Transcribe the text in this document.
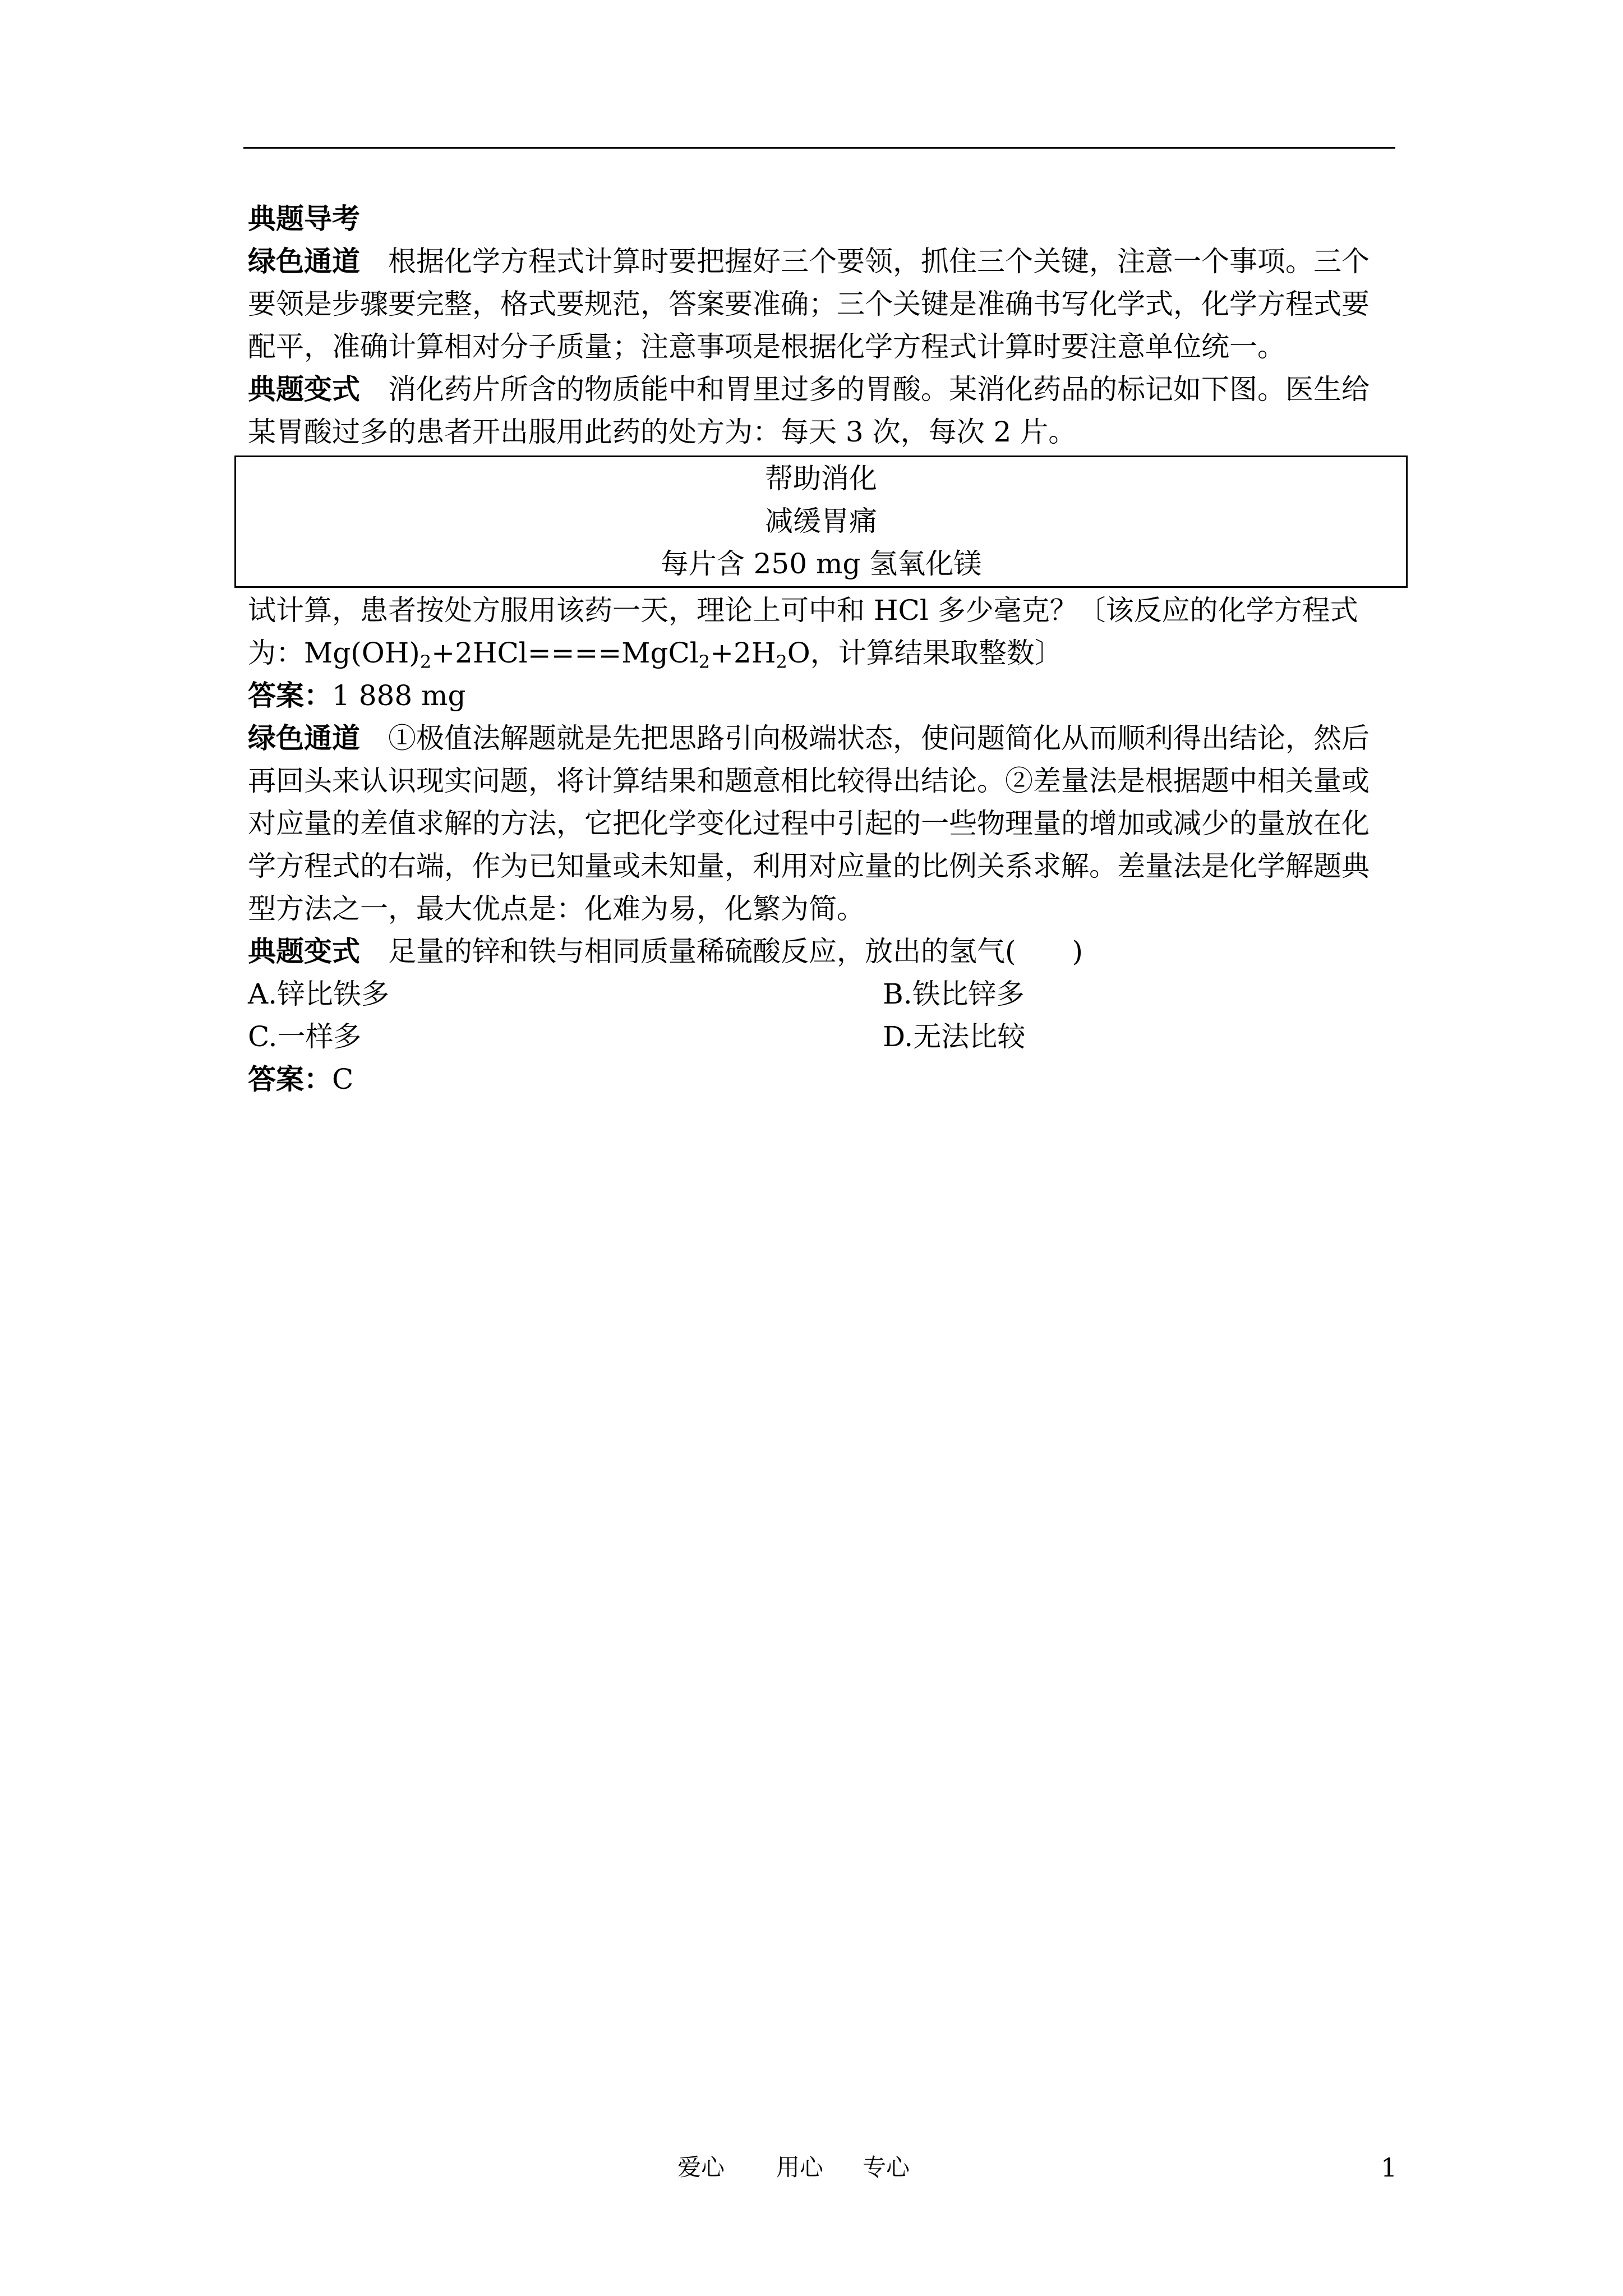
典题导考
绿色通道 根据化学方程式计算时要把握好三个要领，抓住三个关键，注意一个事项。三个
要领是步骤要完整，格式要规范，答案要准确；三个关键是准确书写化学式，化学方程式要
配平，准确计算相对分子质量；注意事项是根据化学方程式计算时要注意单位统一。
典题变式 消化药片所含的物质能中和胃里过多的胃酸。某消化药品的标记如下图。医生给
某胃酸过多的患者开出服用此药的处方为：每天 3 次，每次 2 片。
帮助消化
减缓胃痛
每片含 250 mg 氢氧化镁
试计算，患者按处方服用该药一天，理论上可中和 HCl 多少毫克？〔该反应的化学方程式
为：$Mg(OH)_2+2HCl====MgCl_2+2H_2O$，计算结果取整数〕
答案：1 888 mg
绿色通道 ①极值法解题就是先把思路引向极端状态，使问题简化从而顺利得出结论，然后
再回头来认识现实问题，将计算结果和题意相比较得出结论。②差量法是根据题中相关量或
对应量的差值求解的方法，它把化学变化过程中引起的一些物理量的增加或减少的量放在化
学方程式的右端，作为已知量或未知量，利用对应量的比例关系求解。差量法是化学解题典
型方法之一，最大优点是：化难为易，化繁为简。
典题变式 足量的锌和铁与相同质量稀硫酸反应，放出的氢气(　　)
A.锌比铁多	B.铁比锌多
C.一样多	D.无法比较
答案：C
爱心 用心 专心	1
